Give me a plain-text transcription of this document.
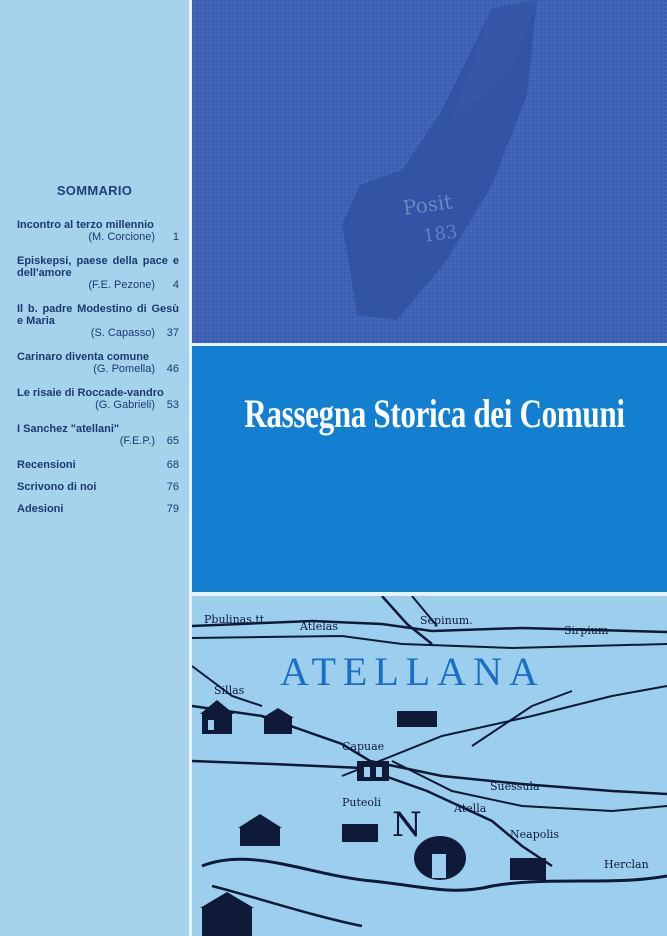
SOMMARIO
Incontro al terzo millennio
(M. Corcione)	1
Episkepsi, paese della pace e dell'amore
(F.E. Pezone)	4
Il b. padre Modestino di Gesù e Maria
(S. Capasso)	37
Carinaro diventa comune
(G. Pomella)	46
Le risaie di Roccade-vandro
(G. Gabrieli)	53
I Sanchez "atellani"
(F.E.P.)	65
Recensioni	68
Scrivono di noi	76
Adesioni	79
Posit
183
Rassegna Storica dei Comuni
N
ATELLANA
Pbulinas.tt.
Atlelas	Sepinum.
Sirpium
Sillas
Capuae
Suessula
Puteoli	Atella
Neapolis
Herclan
